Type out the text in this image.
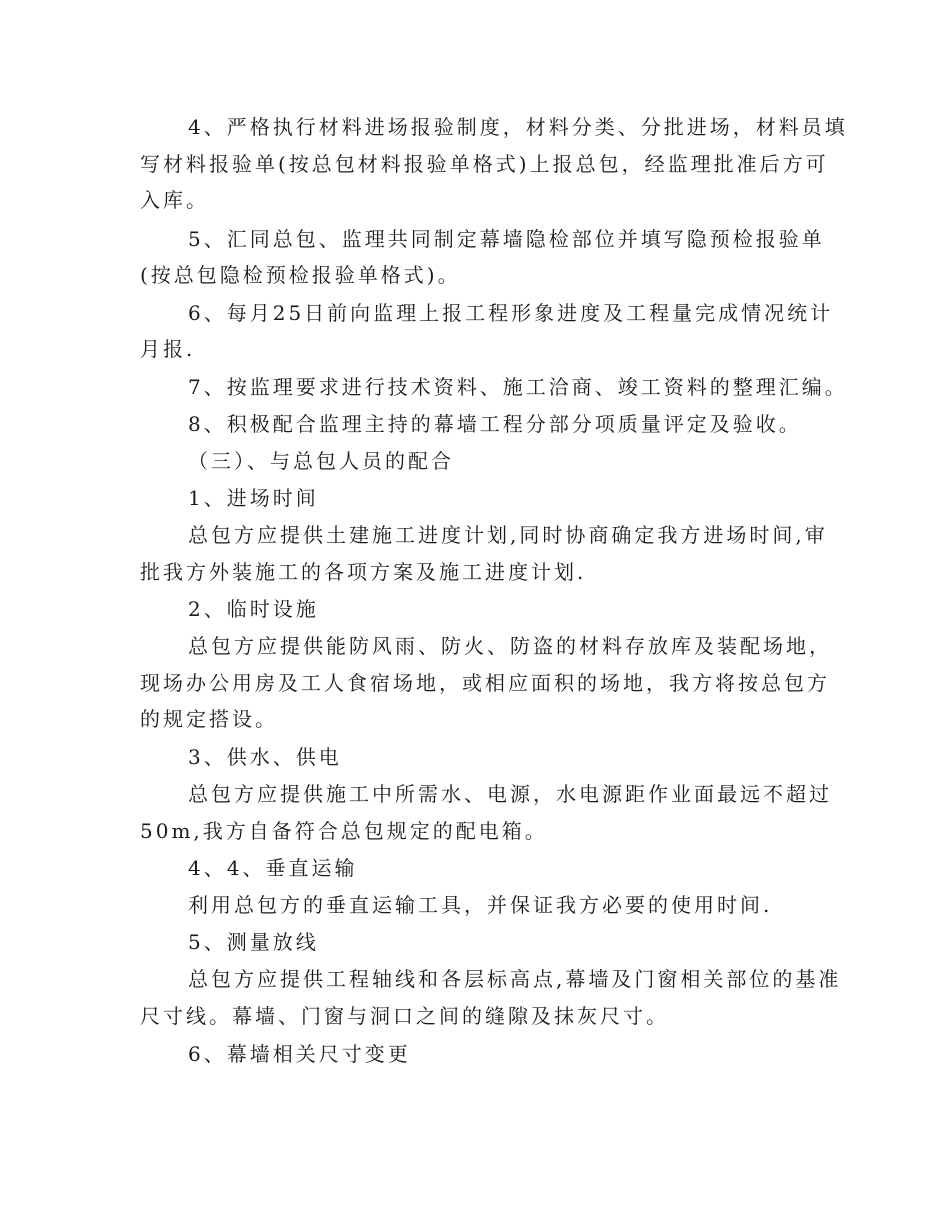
4、严格执行材料进场报验制度，材料分类、分批进场，材料员填
写材料报验单(按总包材料报验单格式)上报总包，经监理批准后方可
入库。
5、汇同总包、监理共同制定幕墙隐检部位并填写隐预检报验单
(按总包隐检预检报验单格式)。
6、每月25日前向监理上报工程形象进度及工程量完成情况统计
月报.
7、按监理要求进行技术资料、施工洽商、竣工资料的整理汇编。
8、积极配合监理主持的幕墙工程分部分项质量评定及验收。
（三）、与总包人员的配合
1、进场时间
总包方应提供土建施工进度计划,同时协商确定我方进场时间,审
批我方外装施工的各项方案及施工进度计划.
2、临时设施
总包方应提供能防风雨、防火、防盗的材料存放库及装配场地，
现场办公用房及工人食宿场地，或相应面积的场地，我方将按总包方
的规定搭设。
3、供水、供电
总包方应提供施工中所需水、电源，水电源距作业面最远不超过
50m,我方自备符合总包规定的配电箱。
4、4、垂直运输
利用总包方的垂直运输工具，并保证我方必要的使用时间.
5、测量放线
总包方应提供工程轴线和各层标高点,幕墙及门窗相关部位的基准
尺寸线。幕墙、门窗与洞口之间的缝隙及抹灰尺寸。
6、幕墙相关尺寸变更
